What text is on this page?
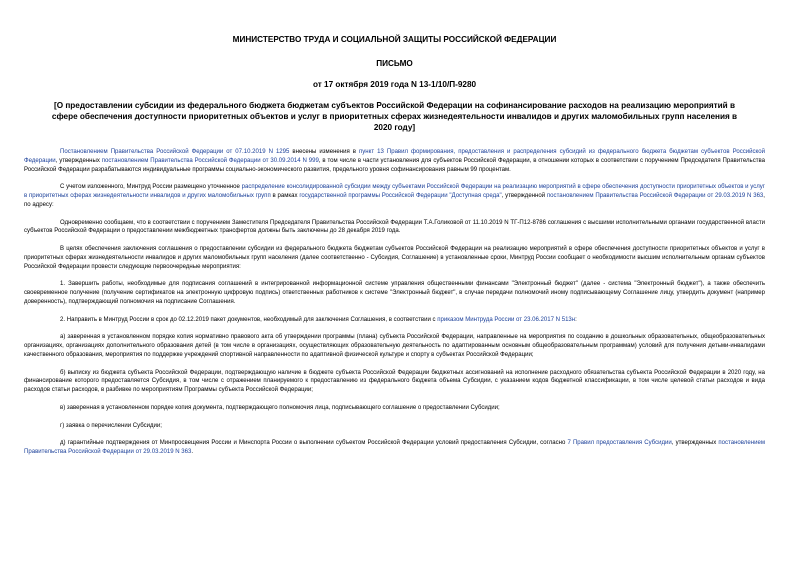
МИНИСТЕРСТВО ТРУДА И СОЦИАЛЬНОЙ ЗАЩИТЫ РОССИЙСКОЙ ФЕДЕРАЦИИ
ПИСЬМО
от 17 октября 2019 года N 13-1/10/П-9280
[О предоставлении субсидии из федерального бюджета бюджетам субъектов Российской Федерации на софинансирование расходов на реализацию мероприятий в сфере обеспечения доступности приоритетных объектов и услуг в приоритетных сферах жизнедеятельности инвалидов и других маломобильных групп населения в 2020 году]

Постановлением Правительства Российской Федерации от 07.10.2019 N 1295 внесены изменения в пункт 13 Правил формирования, предоставления и распределения субсидий из федерального бюджета бюджетам субъектов Российской Федерации, утвержденных постановлением Правительства Российской Федерации от 30.09.2014 N 999, в том числе в части установления для субъектов Российской Федерации, в отношении которых в соответствии с поручением Председателя Правительства Российской Федерации разрабатываются индивидуальные программы социально-экономического развития, предельного уровня софинансирования равным 99 процентам.

С учетом изложенного, Минтруд России размещено уточненное распределение консолидированной субсидии между субъектами Российской Федерации на реализацию мероприятий в сфере обеспечения доступности приоритетных объектов и услуг в приоритетных сферах жизнедеятельности инвалидов и других маломобильных групп в рамках государственной программы Российской Федерации "Доступная среда", утвержденной постановлением Правительства Российской Федерации от 29.03.2019 N 363, по адресу:

Одновременно сообщаем, что в соответствии с поручением Заместителя Председателя Правительства Российской Федерации Т.А.Голиковой от 11.10.2019 N ТГ-П12-8786 соглашения с высшими исполнительными органами государственной власти субъектов Российской Федерации о предоставлении межбюджетных трансфертов должны быть заключены до 28 декабря 2019 года.

В целях обеспечения заключения соглашения о предоставлении субсидии из федерального бюджета бюджетам субъектов Российской Федерации на реализацию мероприятий в сфере обеспечения доступности приоритетных объектов и услуг в приоритетных сферах жизнедеятельности инвалидов и других маломобильных групп населения (далее соответственно - Субсидия, Соглашение) в установленные сроки, Минтруд России сообщает о необходимости высшим исполнительным органам субъектов Российской Федерации провести следующие первоочередные мероприятия:

1. Завершить работы, необходимые для подписания соглашений в интегрированной информационной системе управления общественными финансами "Электронный бюджет" (далее - система "Электронный бюджет"), а также обеспечить своевременное получение (получение сертификатов на электронную цифровую подпись) ответственных работников к системе "Электронный бюджет", в случае передачи полномочий иному подписывающему Соглашение лицу, утвердить документ (например доверенность), подтверждающий полномочия на подписание Соглашения.

2. Направить в Минтруд России в срок до 02.12.2019 пакет документов, необходимый для заключения Соглашения, в соответствии с приказом Минтруда России от 23.06.2017 N 513н:

а) заверенная в установленном порядке копия нормативно правового акта об утверждении программы (плана) субъекта Российской Федерации, направленные на мероприятия по созданию в дошкольных образовательных, общеобразовательных организациях, организациях дополнительного образования детей (в том числе в организациях, осуществляющих образовательную деятельность по адаптированным основным общеобразовательным программам) условий для получения детьми-инвалидами качественного образования, мероприятия по поддержке учреждений спортивной направленности по адаптивной физической культуре и спорту в субъектах Российской Федерации;

б) выписку из бюджета субъекта Российской Федерации, подтверждающую наличие в бюджете субъекта Российской Федерации бюджетных ассигнований на исполнение расходного обязательства субъекта Российской Федерации в 2020 году, на финансирование которого предоставляется Субсидия, в том числе с отражением планируемого к предоставлению из федерального бюджета объема Субсидии, с указанием кодов бюджетной классификации, в том числе целевой статьи расходов и вида расходов статьи расходов, в разбивке по мероприятиям Программы субъекта Российской Федерации;

в) заверенная в установленном порядке копия документа, подтверждающего полномочия лица, подписывающего соглашение о предоставлении Субсидии;

г) заявка о перечислении Субсидии;

д) гарантийные подтверждения от Минпросвещения России и Минспорта России о выполнении субъектом Российской Федерации условий предоставления Субсидии, согласно 7 Правил предоставления Субсидии, утвержденных постановлением Правительства Российской Федерации от 29.03.2019 N 363.
